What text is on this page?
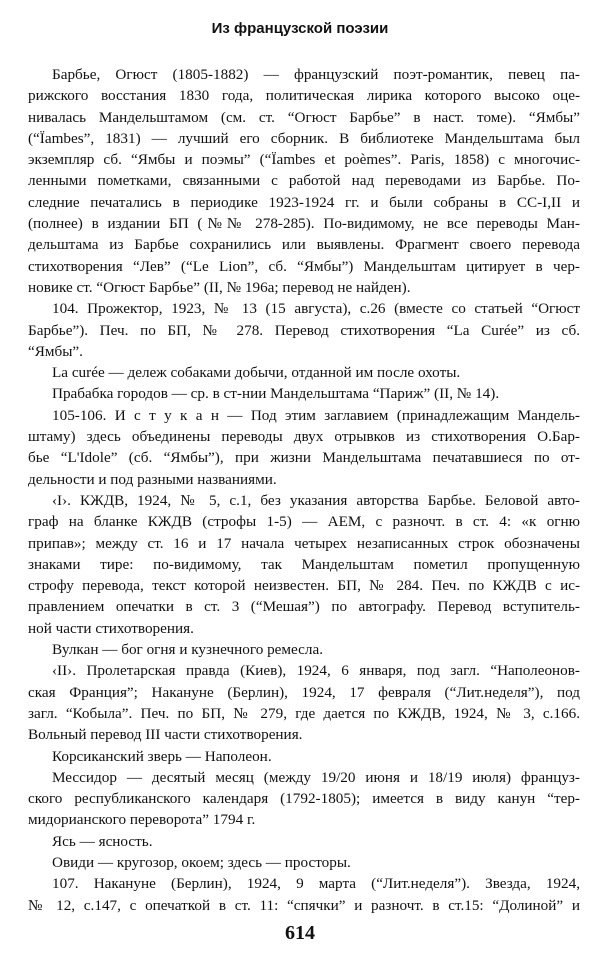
Из французской поэзии
Барбье, Огюст (1805-1882) — французский поэт-романтик, певец па-
рижского восстания 1830 года, политическая лирика которого высоко оце-
нивалась Мандельштамом (см. ст. “Огюст Барбье” в наст. томе). “Ямбы”
(“Ïambes”, 1831) — лучший его сборник. В библиотеке Мандельштама был
экземпляр сб. “Ямбы и поэмы” (“Ïambes et poèmes”. Paris, 1858) с многочис-
ленными пометками, связанными с работой над переводами из Барбье. По-
следние печатались в периодике 1923-1924 гг. и были собраны в СС-I,II и
(полнее) в издании БП (№№ 278-285). По-видимому, не все переводы Ман-
дельштама из Барбье сохранились или выявлены. Фрагмент своего перевода
стихотворения “Лев” (“Le Lion”, сб. “Ямбы”) Мандельштам цитирует в чер-
новике ст. “Огюст Барбье” (II, № 196а; перевод не найден).
104. Прожектор, 1923, № 13 (15 августа), с.26 (вместе со статьей “Огюст
Барбье”). Печ. по БП, № 278. Перевод стихотворения “La Curée” из сб.
“Ямбы”.
La curée — дележ собаками добычи, отданной им после охоты.
Прабабка городов — ср. в ст-нии Мандельштама “Париж” (II, № 14).
105-106. И с т у к а н — Под этим заглавием (принадлежащим Мандель-
штаму) здесь объединены переводы двух отрывков из стихотворения О.Бар-
бье “L'Idole” (сб. “Ямбы”), при жизни Мандельштама печатавшиеся по от-
дельности и под разными названиями.
‹I›. КЖДВ, 1924, № 5, с.1, без указания авторства Барбье. Беловой авто-
граф на бланке КЖДВ (строфы 1-5) — АЕМ, с разночт. в ст. 4: «к огню
припав»; между ст. 16 и 17 начала четырех незаписанных строк обозначены
знаками тире: по-видимому, так Мандельштам пометил пропущенную
строфу перевода, текст которой неизвестен. БП, № 284. Печ. по КЖДВ с ис-
правлением опечатки в ст. 3 (“Мешая”) по автографу. Перевод вступитель-
ной части стихотворения.
Вулкан — бог огня и кузнечного ремесла.
‹II›. Пролетарская правда (Киев), 1924, 6 января, под загл. “Наполеонов-
ская Франция”; Накануне (Берлин), 1924, 17 февраля (“Лит.неделя”), под
загл. “Кобыла”. Печ. по БП, № 279, где дается по КЖДВ, 1924, № 3, с.166.
Вольный перевод III части стихотворения.
Корсиканский зверь — Наполеон.
Мессидор — десятый месяц (между 19/20 июня и 18/19 июля) француз-
ского республиканского календаря (1792-1805); имеется в виду канун “тер-
мидорианского переворота” 1794 г.
Ясь — ясность.
Овиди — кругозор, окоем; здесь — просторы.
107. Накануне (Берлин), 1924, 9 марта (“Лит.неделя”). Звезда, 1924,
№ 12, с.147, с опечаткой в ст. 11: “спячки” и разночт. в ст.15: “Долиной” и
614
